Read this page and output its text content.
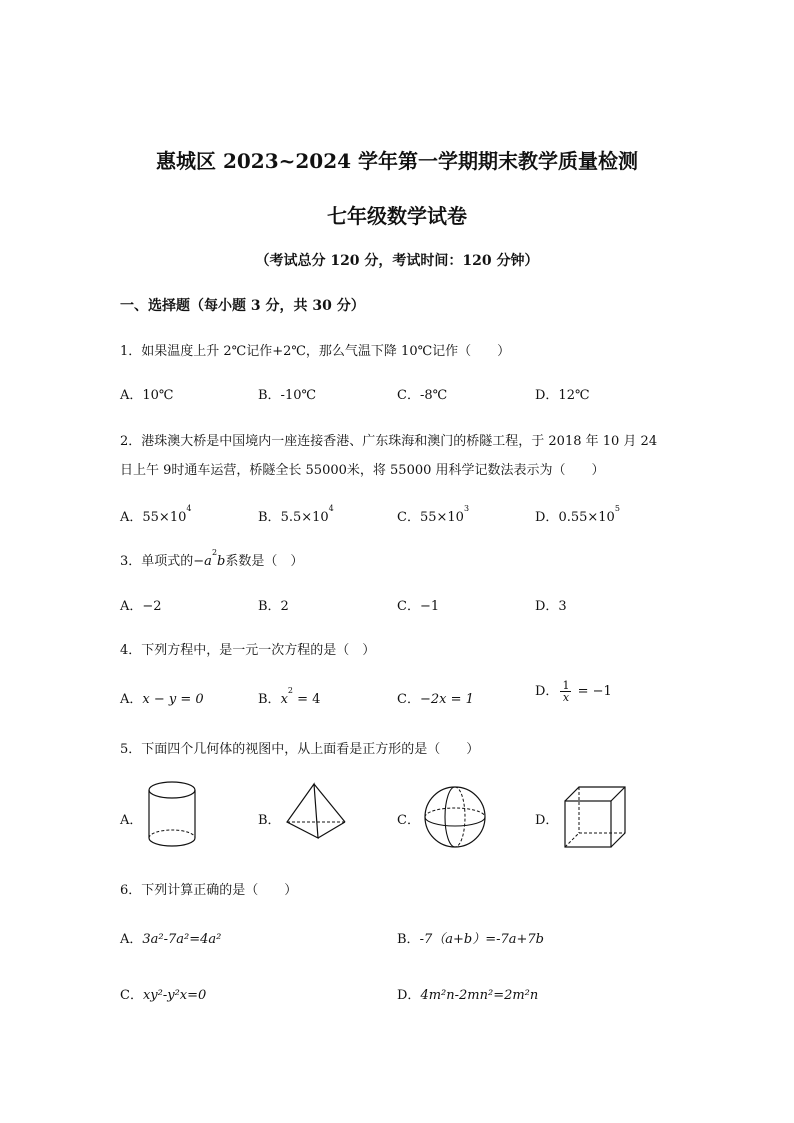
惠城区 2023~2024 学年第一学期期末教学质量检测
七年级数学试卷
（考试总分 120 分，考试时间：120 分钟）
一、选择题（每小题 3 分，共 30 分）
1．如果温度上升 2℃记作+2℃，那么气温下降 10℃记作（　　）
A．10℃	B．-10℃	C．-8℃	D．12℃
2．港珠澳大桥是中国境内一座连接香港、广东珠海和澳门的桥隧工程，于 2018 年 10 月 24
日上午 9时通车运营，桥隧全长 55000米，将 55000 用科学记数法表示为（　　）
A．$55\times 10^4$
B．$5.5\times 10^4$
C．$55\times 10^3$
D．$0.55\times 10^5$
3．单项式的$-a^2b$系数是（　）
A．−2	B．2	C．−1	D．3
4．下列方程中，是一元一次方程的是（　）
A．x − y = 0	B．$x^2 = 4$	C．−2x = 1
D． $\frac{1}{x} = -1$
5．下面四个几何体的视图中，从上面看是正方形的是（　　）
A．	B．	C．	D．
6．下列计算正确的是（　　）
A．3a²-7a²=4a²	B．-7（a+b）=-7a+7b
C．xy²-y²x=0	D．4m²n-2mn²=2m²n
